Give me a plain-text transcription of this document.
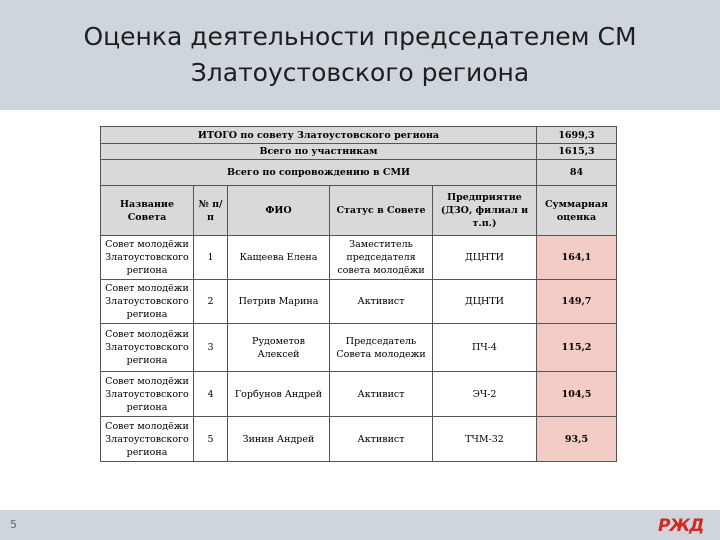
Оценка деятельности председателем СМ
Златоустовского региона
ИТОГО по совету Златоустовского региона					1699,3
Всего по участникам					1615,3
Всего по сопровождению в СМИ					84
Название Совета	№ п/п	ФИО	Статус в Совете	Предприятие (ДЗО, филиал и т.п.)	Суммарная оценка
Совет молодёжи Златоустовского региона	1	Кащеева Елена	Заместитель председателя совета молодёжи	ДЦНТИ	164,1
Совет молодёжи Златоустовского региона	2	Петрив Марина	Активист	ДЦНТИ	149,7
Совет молодёжи Златоустовского региона	3	Рудометов Алексей	Председатель Совета молодежи	ПЧ-4	115,2
Совет молодёжи Златоустовского региона	4	Горбунов Андрей	Активист	ЭЧ-2	104,5
Совет молодёжи Златоустовского региона	5	Зинин Андрей	Активист	ТЧМ-32	93,5
5	РЖД
